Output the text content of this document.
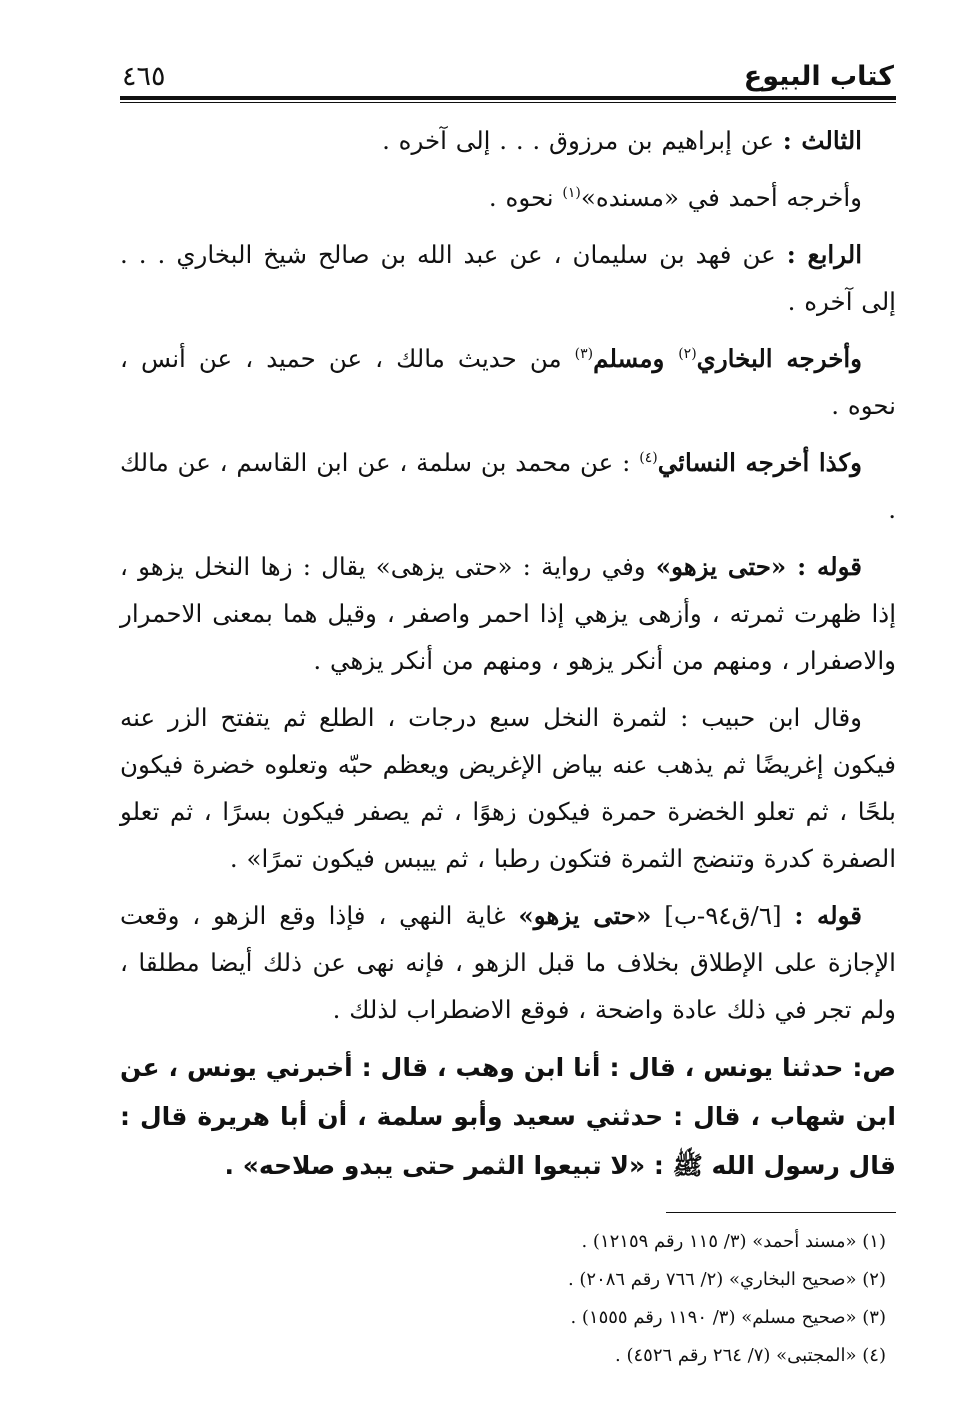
كتاب البيوع
٤٦٥

الثالث : عن إبراهيم بن مرزوق . . . إلى آخره .

وأخرجه أحمد في «مسنده»$^{(١)}$ نحوه .

الرابع : عن فهد بن سليمان ، عن عبد الله بن صالح شيخ البخاري . . . إلى آخره .

وأخرجه البخاري$^{(٢)}$ ومسلم$^{(٣)}$ من حديث مالك ، عن حميد ، عن أنس ، نحوه .

وكذا أخرجه النسائي$^{(٤)}$ : عن محمد بن سلمة ، عن ابن القاسم ، عن مالك .

قوله : «حتى يزهو» وفي رواية : «حتى يزهى» يقال : زها النخل يزهو ، إذا ظهرت ثمرته ، وأزهى يزهي إذا احمر واصفر ، وقيل هما بمعنى الاحمرار والاصفرار ، ومنهم من أنكر يزهو ، ومنهم من أنكر يزهي .

وقال ابن حبيب : لثمرة النخل سبع درجات ، الطلع ثم يتفتح الزر عنه فيكون إغريضًا ثم يذهب عنه بياض الإغريض ويعظم حبّه وتعلوه خضرة فيكون بلحًا ، ثم تعلو الخضرة حمرة فيكون زهوًا ، ثم يصفر فيكون بسرًا ، ثم تعلو الصفرة كدرة وتنضج الثمرة فتكون رطبا ، ثم ييبس فيكون تمرًا» .

قوله : [٦/ق٩٤-ب] «حتى يزهو» غاية النهي ، فإذا وقع الزهو ، وقعت الإجازة على الإطلاق بخلاف ما قبل الزهو ، فإنه نهى عن ذلك أيضا مطلقا ، ولم تجر في ذلك عادة واضحة ، فوقع الاضطراب لذلك .

ص: حدثنا يونس ، قال : أنا ابن وهب ، قال : أخبرني يونس ، عن ابن شهاب ، قال : حدثني سعيد وأبو سلمة ، أن أبا هريرة قال : قال رسول الله ﷺ : «لا تبيعوا الثمر حتى يبدو صلاحه» .

(١) «مسند أحمد» (٣/ ١١٥ رقم ١٢١٥٩) .

(٢) «صحيح البخاري» (٢/ ٧٦٦ رقم ٢٠٨٦) .

(٣) «صحيح مسلم» (٣/ ١١٩٠ رقم ١٥٥٥) .

(٤) «المجتبى» (٧/ ٢٦٤ رقم ٤٥٢٦) .
